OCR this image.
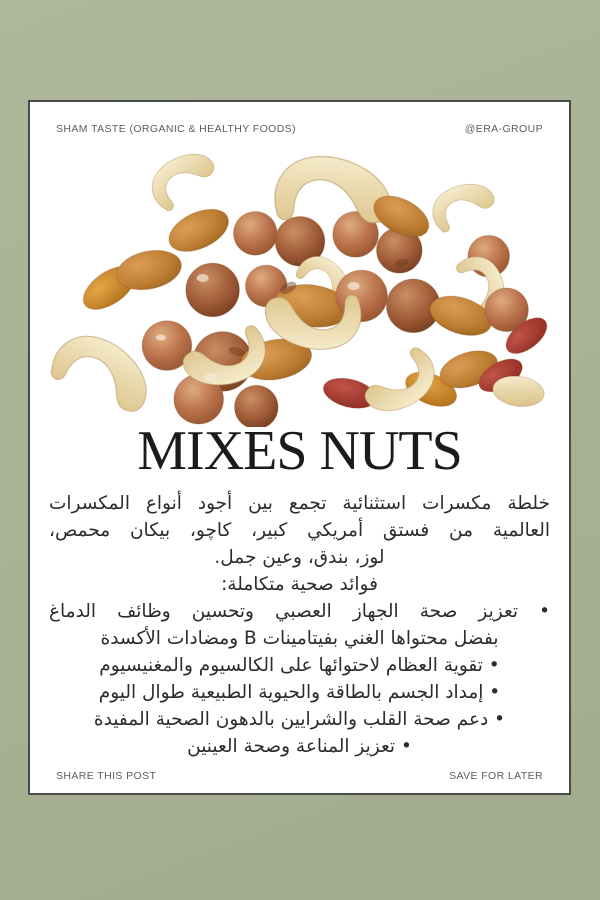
SHAM TASTE (ORGANIC & HEALTHY FOODS)	@ERA-GROUP
MIXES NUTS
خلطة مكسرات استثنائية تجمع بين أجود أنواع المكسرات
العالمية من فستق أمريكي كبير، كاچو، بيكان محمص،
لوز، بندق، وعين جمل.
فوائد صحية متكاملة:
• تعزيز صحة الجهاز العصبي وتحسين وظائف الدماغ
بفضل محتواها الغني بفيتامينات B ومضادات الأكسدة
• تقوية العظام لاحتوائها على الكالسيوم والمغنيسيوم
• إمداد الجسم بالطاقة والحيوية الطبيعية طوال اليوم
• دعم صحة القلب والشرايين بالدهون الصحية المفيدة
• تعزيز المناعة وصحة العينين
SHARE THIS POST	SAVE FOR LATER
